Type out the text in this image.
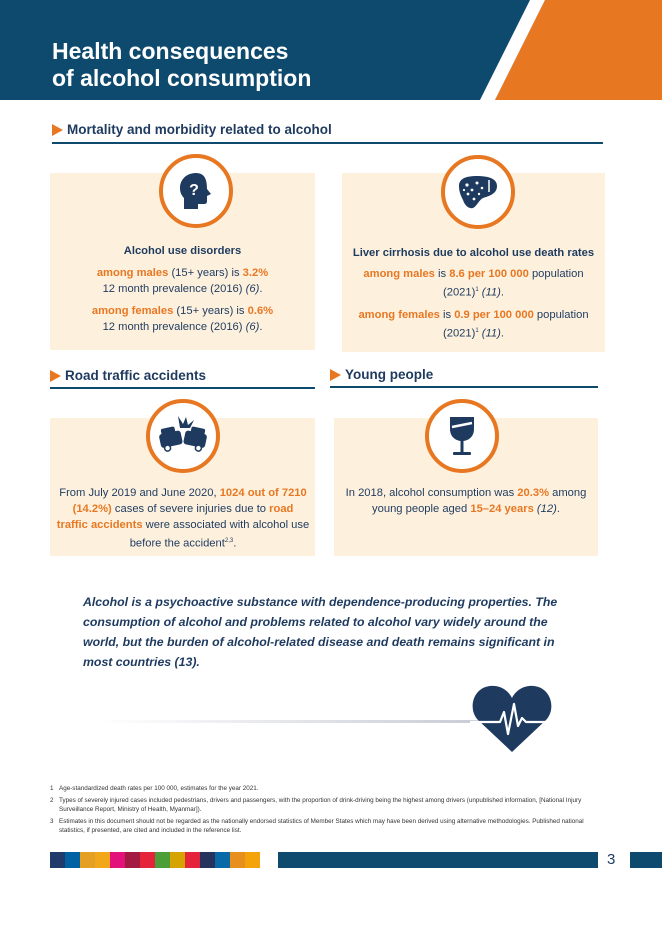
Health consequences
of alcohol consumption
Mortality and morbidity related to alcohol
?
Alcohol use disorders
among males (15+ years) is 3.2%
12 month prevalence (2016) (6).
among females (15+ years) is 0.6%
12 month prevalence (2016) (6).
Liver cirrhosis due to alcohol use death rates
among males is 8.6 per 100 000 population
$(2021)^1$ (11).
among females is 0.9 per 100 000 population
$(2021)^1$ (11).
Road traffic accidents	Young people
From July 2019 and June 2020, 1024 out of 7210 (14.2%) cases of severe injuries due to road traffic accidents were associated with alcohol use before the accident$^{2,3}$.
In 2018, alcohol consumption was 20.3% among young people aged 15–24 years (12).
Alcohol is a psychoactive substance with dependence-producing properties. The consumption of alcohol and problems related to alcohol vary widely around the world, but the burden of alcohol-related disease and death remains significant in most countries (13).
1 Age-standardized death rates per 100 000, estimates for the year 2021.
2 Types of severely injured cases included pedestrians, drivers and passengers, with the proportion of drink-driving being the highest among drivers (unpublished information, [National Injury Surveillance Report, Ministry of Health, Myanmar]).
3 Estimates in this document should not be regarded as the nationally endorsed statistics of Member States which may have been derived using alternative methodologies. Published national statistics, if presented, are cited and included in the reference list.
3
